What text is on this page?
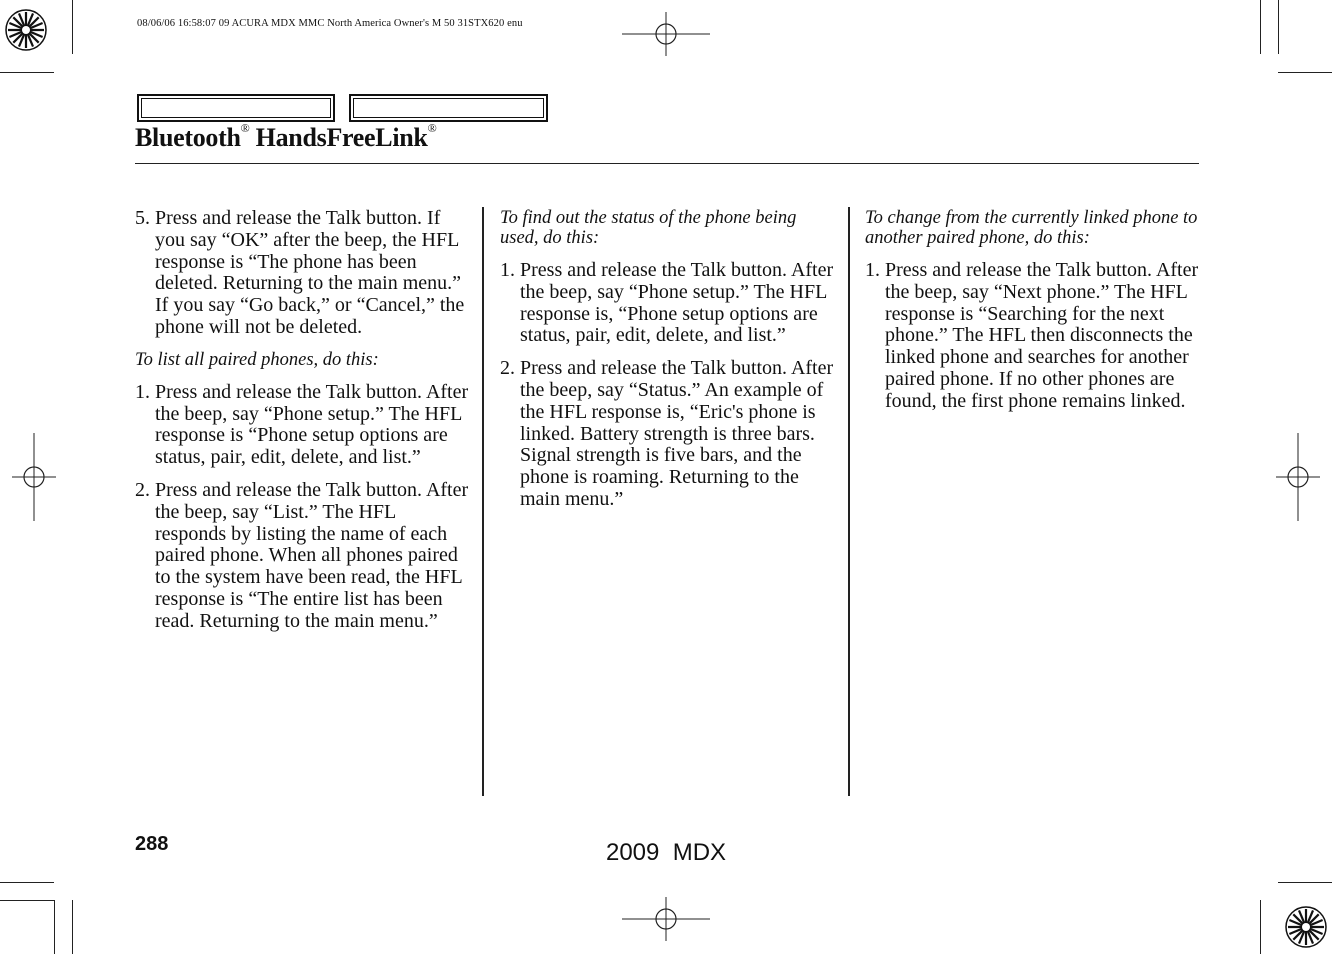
08/06/06 16:58:07 09 ACURA MDX MMC North America Owner's M 50 31STX620 enu
Bluetooth® HandsFreeLink®
5. Press and release the Talk button. If you say “OK” after the beep, the HFL response is “The phone has been deleted. Returning to the main menu.” If you say “Go back,” or “Cancel,” the phone will not be deleted.

To list all paired phones, do this:

1. Press and release the Talk button. After the beep, say “Phone setup.” The HFL response is “Phone setup options are status, pair, edit, delete, and list.”
2. Press and release the Talk button. After the beep, say “List.” The HFL responds by listing the name of each paired phone. When all phones paired to the system have been read, the HFL response is “The entire list has been read. Returning to the main menu.”

To find out the status of the phone being used, do this:

1. Press and release the Talk button. After the beep, say “Phone setup.” The HFL response is, “Phone setup options are status, pair, edit, delete, and list.”
2. Press and release the Talk button. After the beep, say “Status.” An example of the HFL response is, “Eric's phone is linked. Battery strength is three bars. Signal strength is five bars, and the phone is roaming. Returning to the main menu.”

To change from the currently linked phone to another paired phone, do this:

1. Press and release the Talk button. After the beep, say “Next phone.” The HFL response is “Searching for the next phone.” The HFL then disconnects the linked phone and searches for another paired phone. If no other phones are found, the first phone remains linked.
288	2009  MDX
